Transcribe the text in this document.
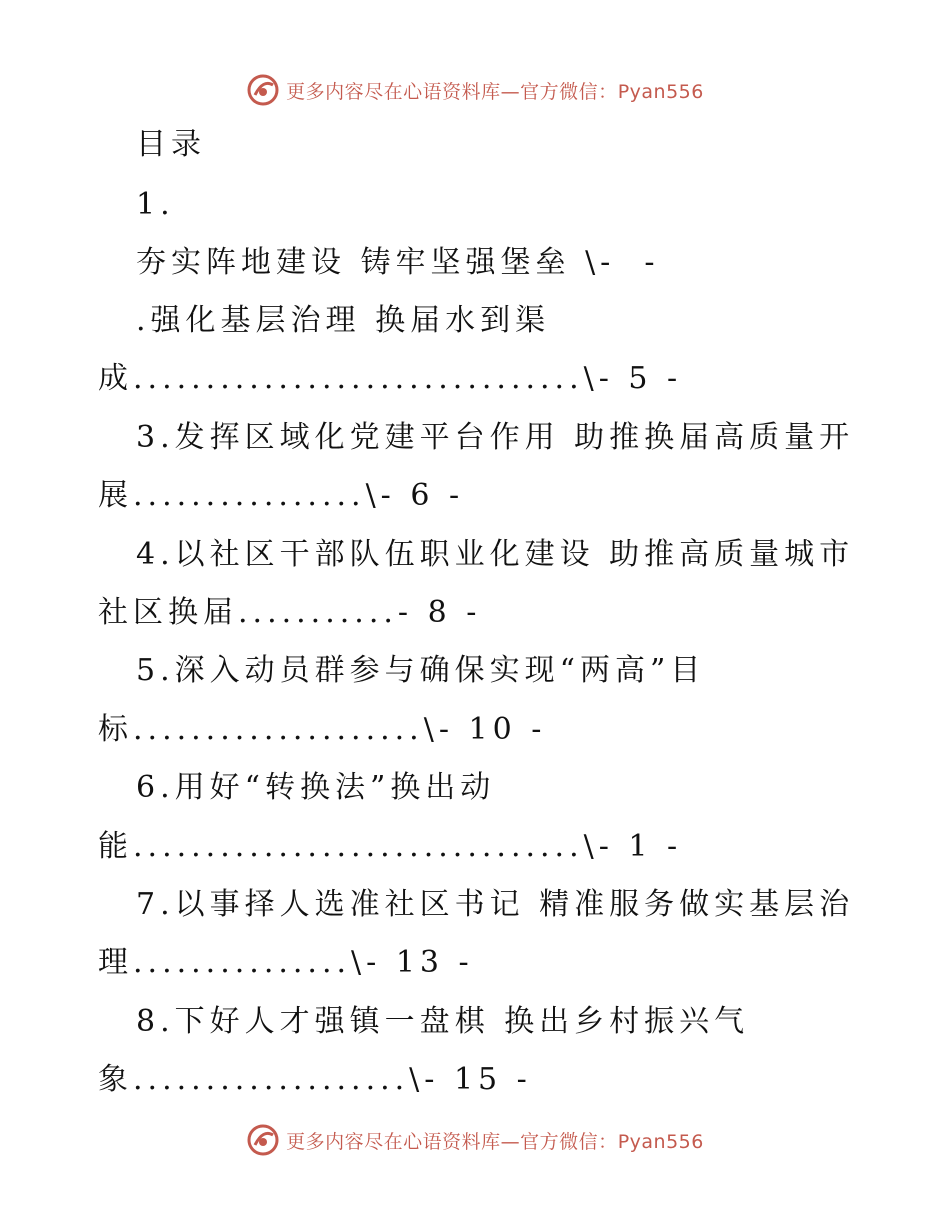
更多内容尽在心语资料库—官方微信：Pyan556
目录
1.
夯实阵地建设 铸牢坚强堡垒 \-  -
.强化基层治理 换届水到渠
成...............................\- 5 -
3.发挥区域化党建平台作用 助推换届高质量开
展................\- 6 -
4.以社区干部队伍职业化建设 助推高质量城市
社区换届...........- 8 -
5.深入动员群参与确保实现“两高”目
标....................\- 10 -
6.用好“转换法”换出动
能...............................\- 1 -
7.以事择人选准社区书记 精准服务做实基层治
理...............\- 13 -
8.下好人才强镇一盘棋 换出乡村振兴气
象...................\- 15 -
更多内容尽在心语资料库—官方微信：Pyan556
